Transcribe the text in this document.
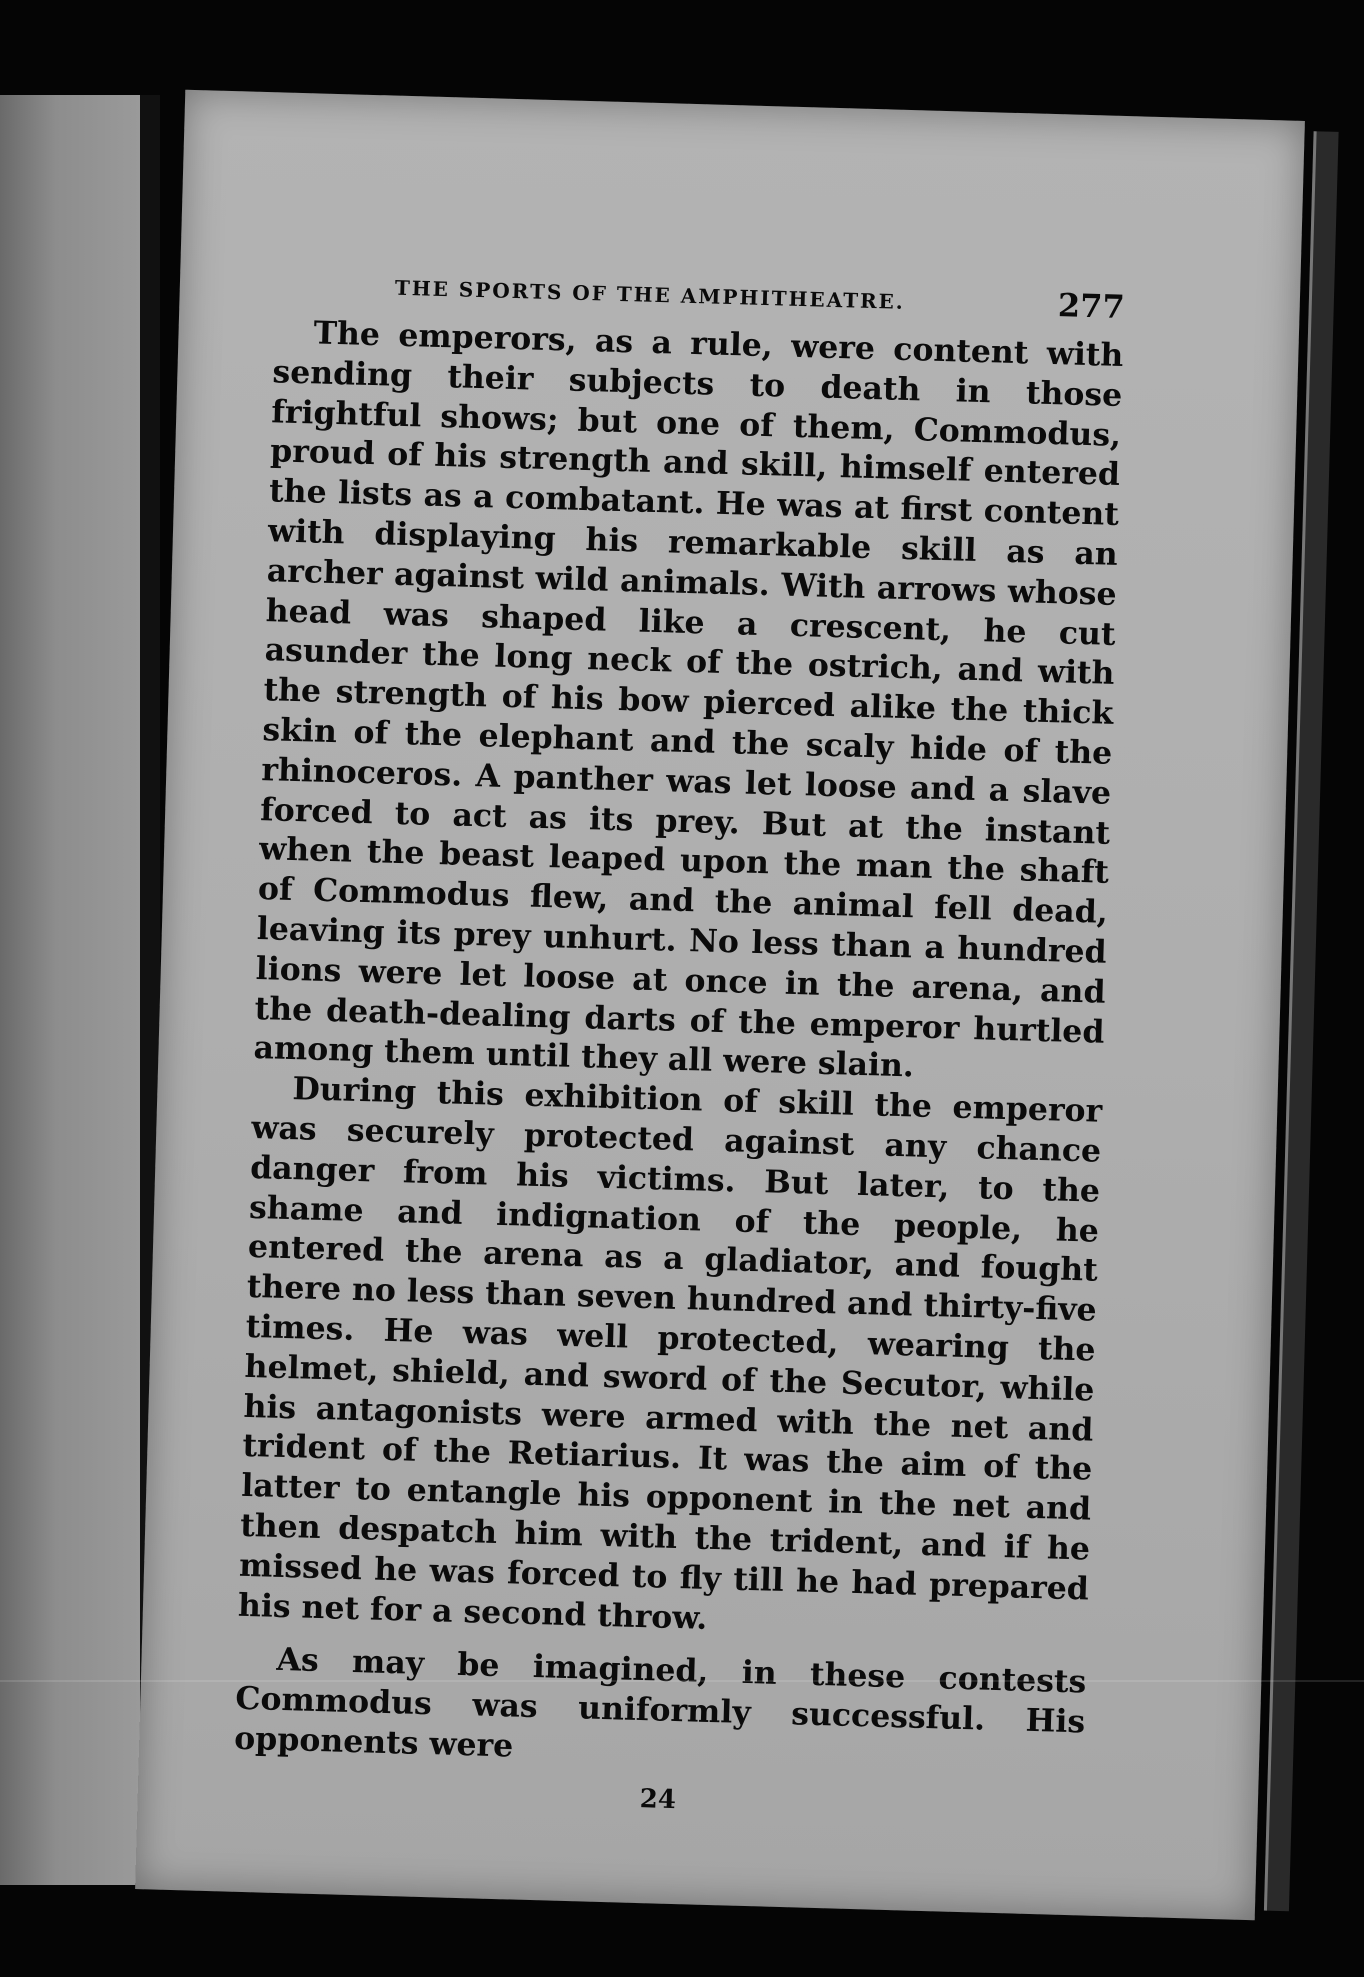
THE SPORTS OF THE AMPHITHEATRE.	277

The emperors, as a rule, were content with sending their subjects to death in those frightful shows; but one of them, Commodus, proud of his strength and skill, himself entered the lists as a combatant. He was at first content with displaying his remarkable skill as an archer against wild animals. With arrows whose head was shaped like a crescent, he cut asunder the long neck of the ostrich, and with the strength of his bow pierced alike the thick skin of the elephant and the scaly hide of the rhinoceros. A panther was let loose and a slave forced to act as its prey. But at the instant when the beast leaped upon the man the shaft of Commodus flew, and the animal fell dead, leaving its prey unhurt. No less than a hundred lions were let loose at once in the arena, and the death-dealing darts of the emperor hurtled among them until they all were slain.

During this exhibition of skill the emperor was securely protected against any chance danger from his victims. But later, to the shame and indignation of the people, he entered the arena as a gladiator, and fought there no less than seven hundred and thirty-five times. He was well protected, wearing the helmet, shield, and sword of the Secutor, while his antagonists were armed with the net and trident of the Retiarius. It was the aim of the latter to entangle his opponent in the net and then despatch him with the trident, and if he missed he was forced to fly till he had prepared his net for a second throw.

As may be imagined, in these contests Commodus was uniformly successful. His opponents were

24
